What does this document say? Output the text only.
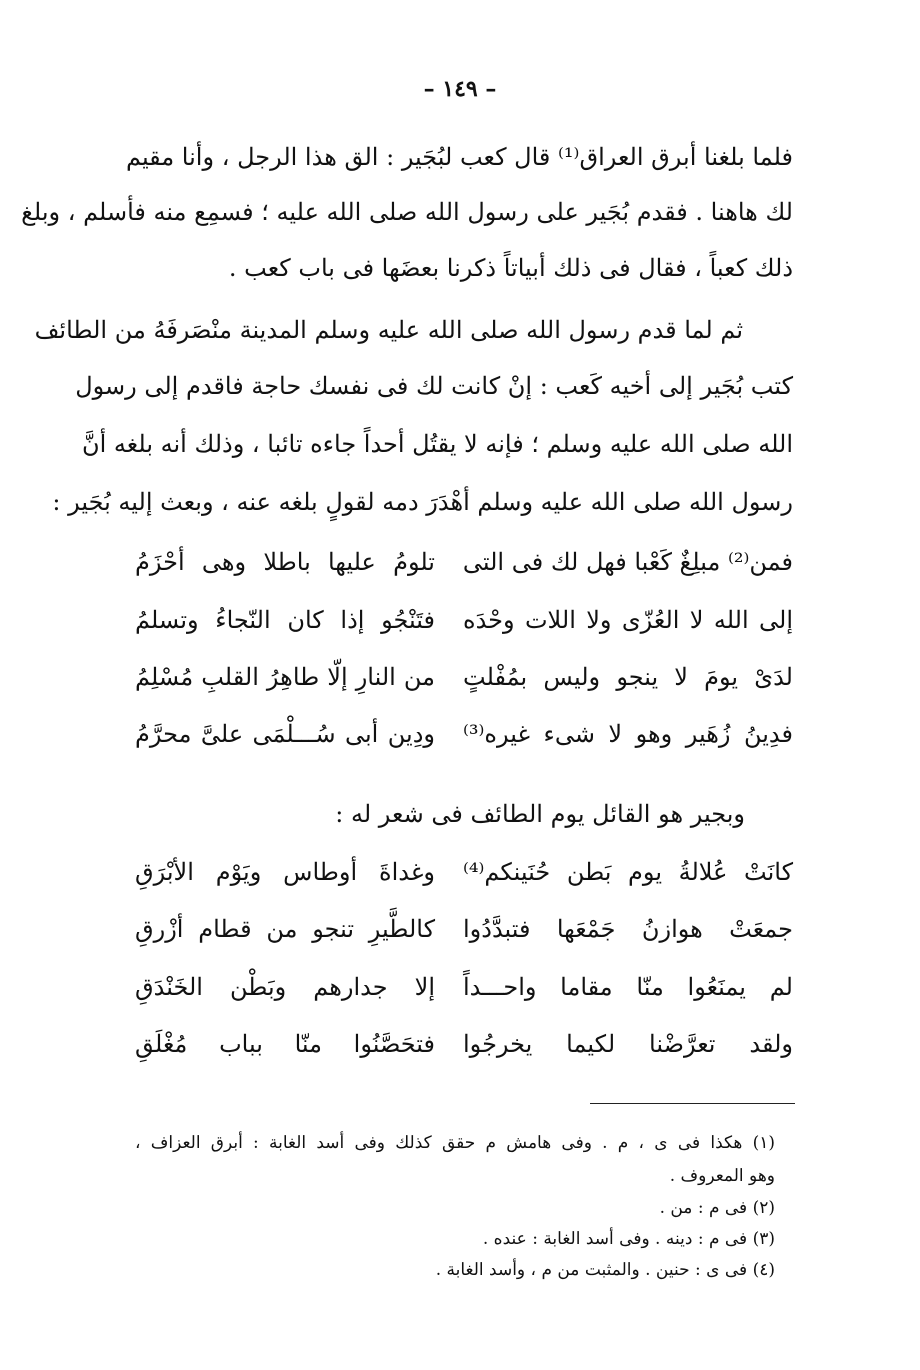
– ١٤٩ –
فلما بلغنا أبرق العراق⁽¹⁾ قال كعب لبُجَير : الق هذا الرجل ، وأنا مقيم
لك هاهنا . فقدم بُجَير على رسول الله صلى الله عليه ؛ فسمِع منه فأسلم ، وبلغ
ذلك كعباً ، فقال فى ذلك أبياتاً ذكرنا بعضَها فى باب كعب .
ثم لما قدم رسول الله صلى الله عليه وسلم المدينة منْصَرفَهُ من الطائف
كتب بُجَير إلى أخيه كَعب : إنْ كانت لك فى نفسك حاجة فاقدم إلى رسول
الله صلى الله عليه وسلم ؛ فإنه لا يقتُل أحداً جاءه تائبا ، وذلك أنه بلغه أنَّ
رسول الله صلى الله عليه وسلم أهْدَرَ دمه لقولٍ بلغه عنه ، وبعث إليه بُجَير :
فمن⁽²⁾ مبلِغٌ كَعْبا فهل لك فى التى
تلومُ عليها باطلا وهى أحْزَمُ
إلى الله لا العُزّى ولا اللات وحْدَه
فتَنْجُو إذا كان النّجاءُ وتسلمُ
لدَىْ يومَ لا ينجو وليس بمُفْلتٍ
من النارِ إلّا طاهِرُ القلبِ مُسْلِمُ
فدِينُ زُهَير وهو لا شىء غيره⁽³⁾
ودِين أبى سُـــلْمَى علىَّ محرَّمُ
وبجير هو القائل يوم الطائف فى شعر له :
كانَتْ عُلالةُ يوم بَطن حُنَينكم⁽⁴⁾
وغداةَ أوطاس ويَوْم الأبْرَقِ
جمعَتْ هوازنُ جَمْعَها فتبدَّدُوا
كالطَّيرِ تنجو من قطام أزْرقِ
لم يمنَعُوا منّا مقاما واحـــداً
إلا جدارهم وبَطْن الخَنْدَقِ
ولقد تعرَّضْنا لكيما يخرجُوا
فتحَصَّنُوا منّا بباب مُغْلَقِ
(١) هكذا فى ى ، م . وفى هامش م حقق كذلك وفى أسد الغابة : أبرق العزاف ،
وهو المعروف .
(٢) فى م : من .
(٣) فى م : دينه . وفى أسد الغابة : عنده .
(٤) فى ى : حنين . والمثبت من م ، وأسد الغابة .
